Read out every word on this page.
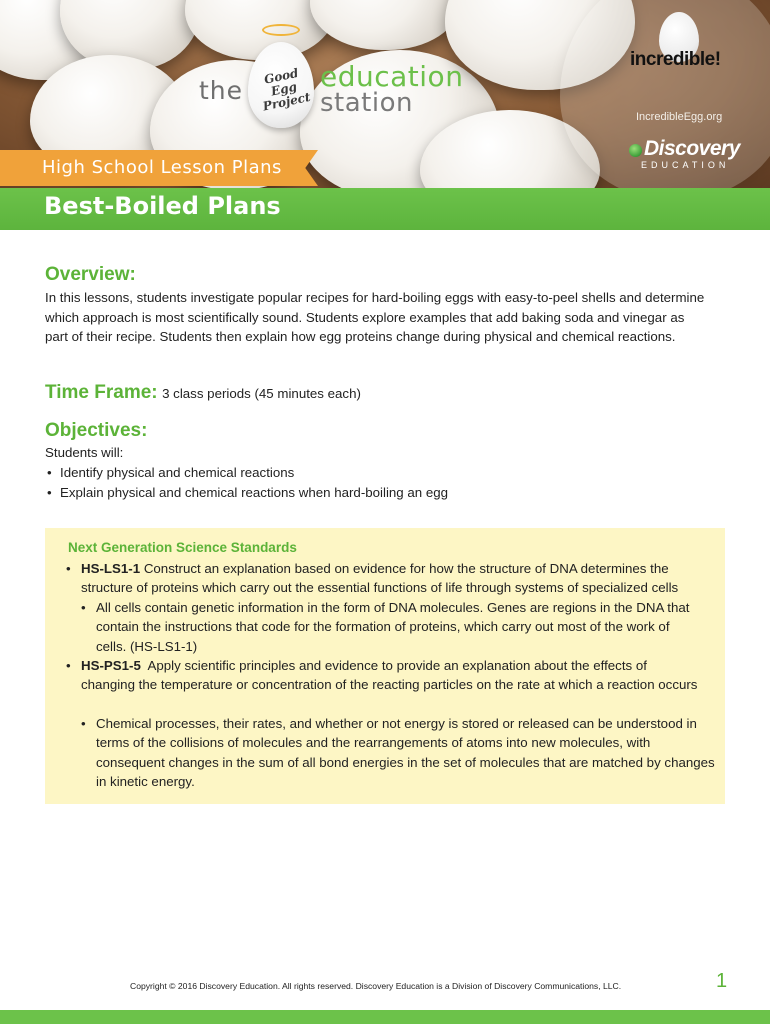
the	Good Egg Project
education
station
incredible!
IncredibleEgg.org
Discovery
EDUCATION
High School Lesson Plans
Best-Boiled Plans
Overview:
In this lessons, students investigate popular recipes for hard-boiling eggs with easy-to-peel shells and determine which approach is most scientifically sound. Students explore examples that add baking soda and vinegar as part of their recipe. Students then explain how egg proteins change during physical and chemical reactions.
Time Frame: 3 class periods (45 minutes each)
Objectives:
Students will:
• Identify physical and chemical reactions
• Explain physical and chemical reactions when hard-boiling an egg
Next Generation Science Standards
• HS-LS1-1 Construct an explanation based on evidence for how the structure of DNA determines the structure of proteins which carry out the essential functions of life through systems of specialized cells
• All cells contain genetic information in the form of DNA molecules. Genes are regions in the DNA that contain the instructions that code for the formation of proteins, which carry out most of the work of cells. (HS-LS1-1)
• HS-PS1-5 Apply scientific principles and evidence to provide an explanation about the effects of changing the temperature or concentration of the reacting particles on the rate at which a reaction occurs
• Chemical processes, their rates, and whether or not energy is stored or released can be understood in terms of the collisions of molecules and the rearrangements of atoms into new molecules, with consequent changes in the sum of all bond energies in the set of molecules that are matched by changes in kinetic energy.
Copyright © 2016 Discovery Education. All rights reserved. Discovery Education is a Division of Discovery Communications, LLC.	1
